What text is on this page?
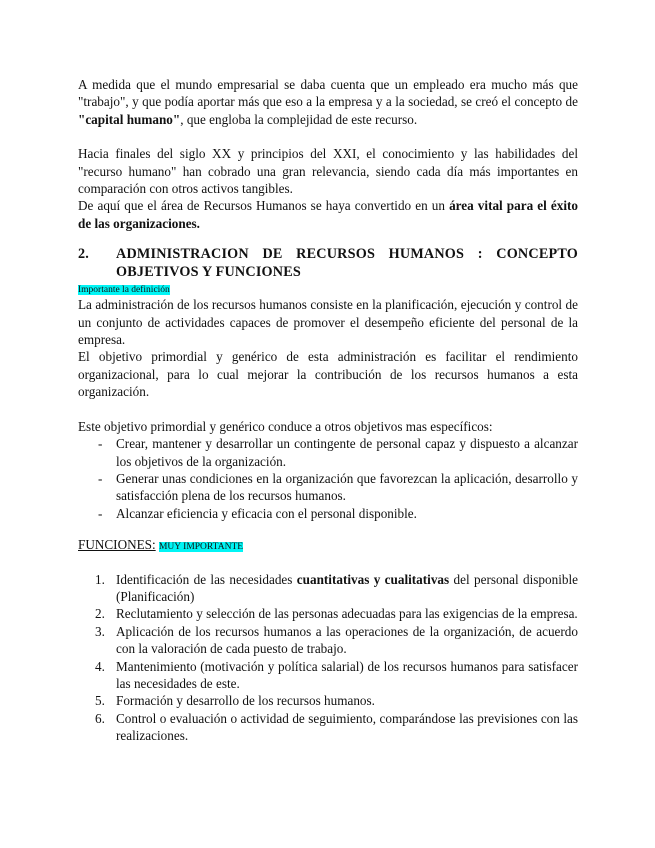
A medida que el mundo empresarial se daba cuenta que un empleado era mucho más que "trabajo", y que podía aportar más que eso a la empresa y a la sociedad, se creó el concepto de "capital humano", que engloba la complejidad de este recurso.

Hacia finales del siglo XX y principios del XXI, el conocimiento y las habilidades del "recurso humano" han cobrado una gran relevancia, siendo cada día más importantes en comparación con otros activos tangibles.

De aquí que el área de Recursos Humanos se haya convertido en un área vital para el éxito de las organizaciones.

2.	ADMINISTRACION DE RECURSOS HUMANOS : CONCEPTO OBJETIVOS Y FUNCIONES
Importante la definición

La administración de los recursos humanos consiste en la planificación, ejecución y control de un conjunto de actividades capaces de promover el desempeño eficiente del personal de la empresa.

El objetivo primordial y genérico de esta administración es facilitar el rendimiento organizacional, para lo cual mejorar la contribución de los recursos humanos a esta organización.

Este objetivo primordial y genérico conduce a otros objetivos mas específicos:

- Crear, mantener y desarrollar un contingente de personal capaz y dispuesto a alcanzar los objetivos de la organización.
- Generar unas condiciones en la organización que favorezcan la aplicación, desarrollo y satisfacción plena de los recursos humanos.
- Alcanzar eficiencia y eficacia con el personal disponible.
FUNCIONES: MUY IMPORTANTE
1. Identificación de las necesidades cuantitativas y cualitativas del personal disponible (Planificación)
2. Reclutamiento y selección de las personas adecuadas para las exigencias de la empresa.
3. Aplicación de los recursos humanos a las operaciones de la organización, de acuerdo con la valoración de cada puesto de trabajo.
4. Mantenimiento (motivación y política salarial) de los recursos humanos para satisfacer las necesidades de este.
5. Formación y desarrollo de los recursos humanos.
6. Control o evaluación o actividad de seguimiento, comparándose las previsiones con las realizaciones.
